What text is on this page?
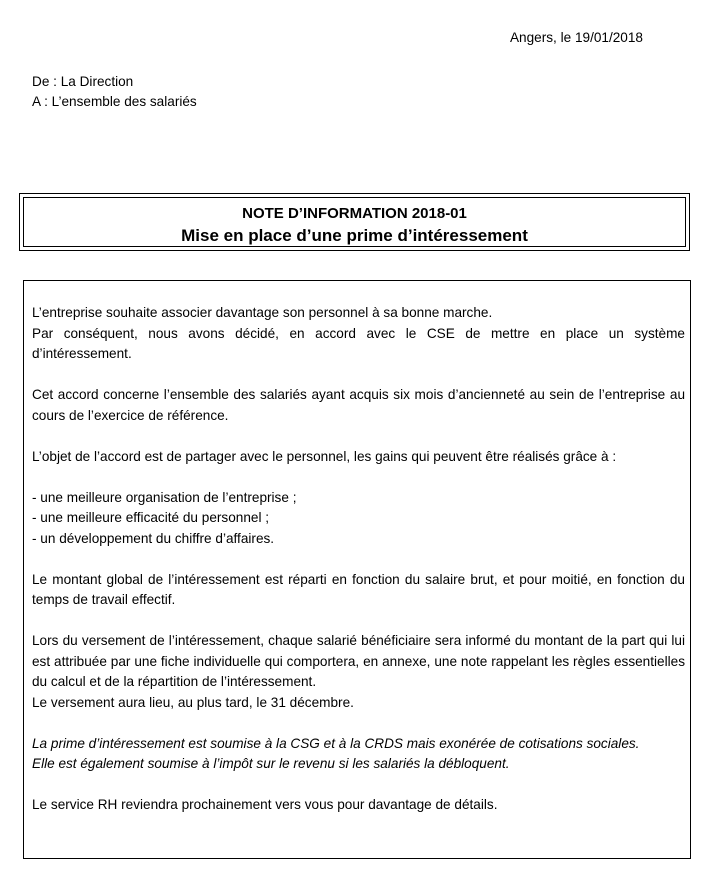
Angers, le 19/01/2018
De : La Direction
A : L’ensemble des salariés
NOTE D’INFORMATION 2018-01
Mise en place d’une prime d’intéressement

L’entreprise souhaite associer davantage son personnel à sa bonne marche.

Par conséquent, nous avons décidé, en accord avec le CSE de mettre en place un système d’intéressement.

Cet accord concerne l’ensemble des salariés ayant acquis six mois d’ancienneté au sein de l’entreprise au cours de l’exercice de référence.

L’objet de l’accord est de partager avec le personnel, les gains qui peuvent être réalisés grâce à :

- une meilleure organisation de l’entreprise ;

- une meilleure efficacité du personnel ;

- un développement du chiffre d’affaires.

Le montant global de l’intéressement est réparti en fonction du salaire brut, et pour moitié, en fonction du temps de travail effectif.

Lors du versement de l’intéressement, chaque salarié bénéficiaire sera informé du montant de la part qui lui est attribuée par une fiche individuelle qui comportera, en annexe, une note rappelant les règles essentielles du calcul et de la répartition de l’intéressement.

Le versement aura lieu, au plus tard, le 31 décembre.

La prime d’intéressement est soumise à la CSG et à la CRDS mais exonérée de cotisations sociales.

Elle est également soumise à l’impôt sur le revenu si les salariés la débloquent.

Le service RH reviendra prochainement vers vous pour davantage de détails.
